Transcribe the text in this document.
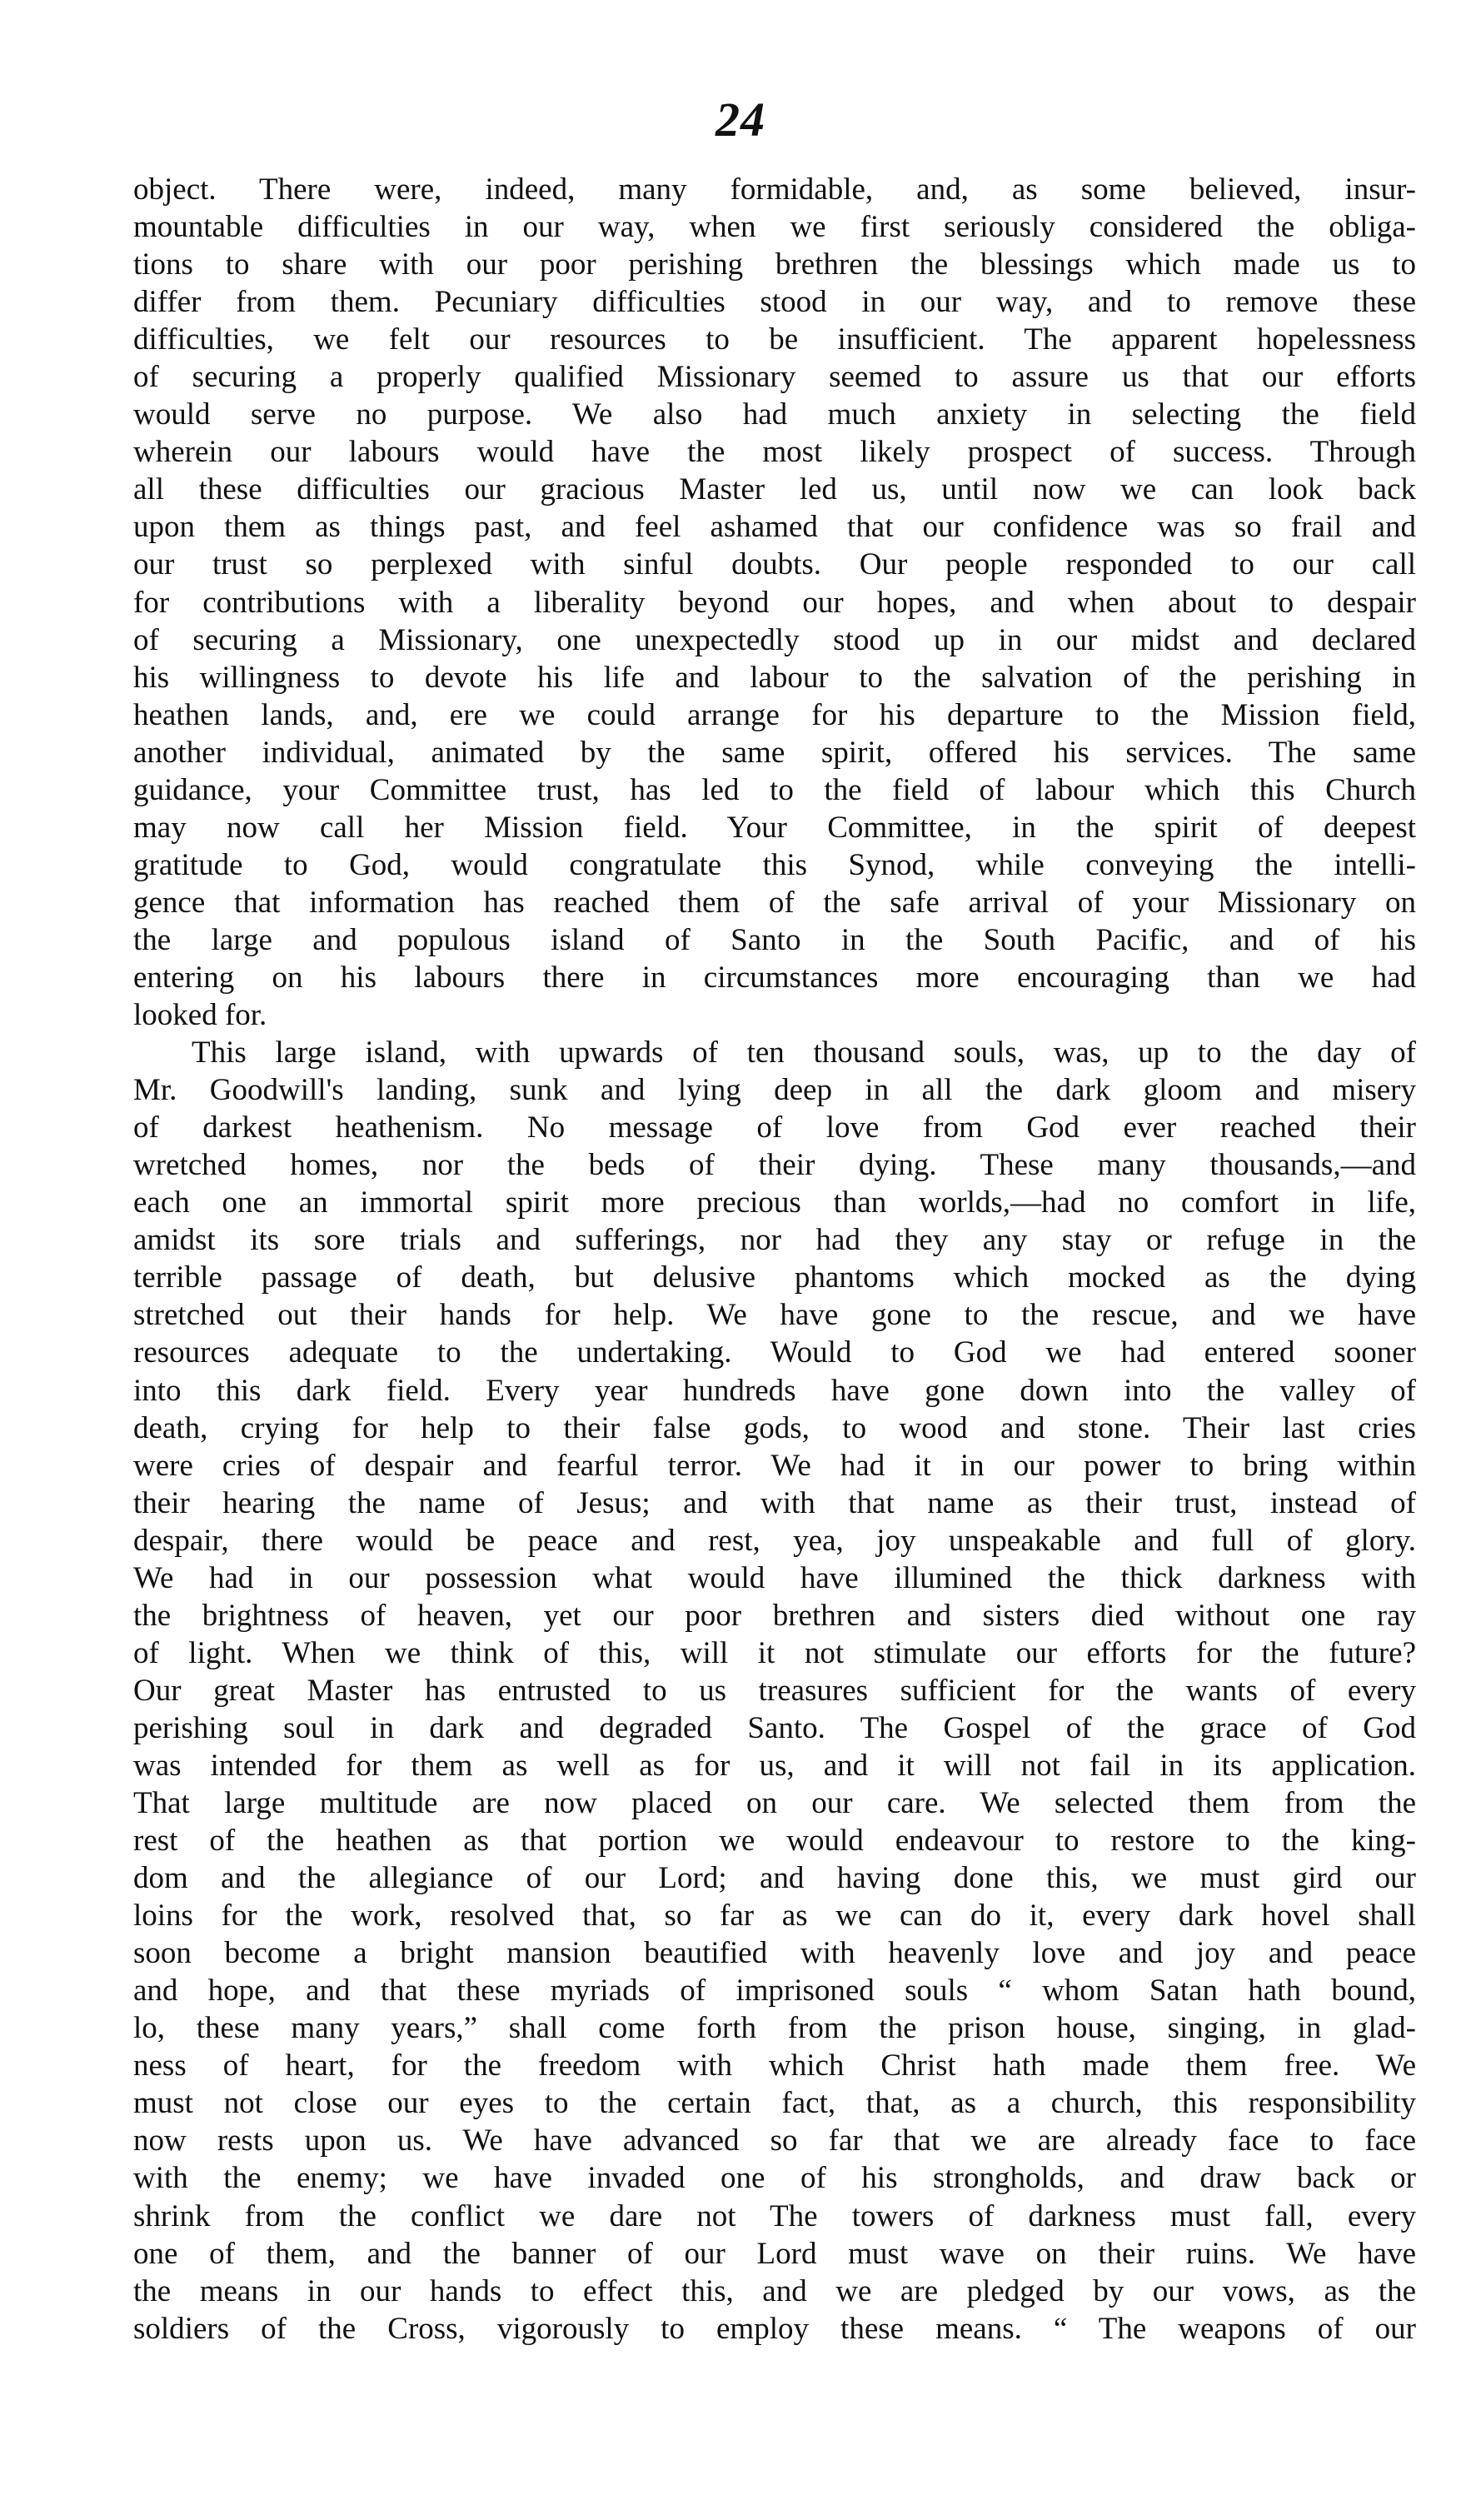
24
object. There were, indeed, many formidable, and, as some believed, insur-
mountable difficulties in our way, when we first seriously considered the obliga-
tions to share with our poor perishing brethren the blessings which made us to
differ from them. Pecuniary difficulties stood in our way, and to remove these
difficulties, we felt our resources to be insufficient. The apparent hopelessness
of securing a properly qualified Missionary seemed to assure us that our efforts
would serve no purpose. We also had much anxiety in selecting the field
wherein our labours would have the most likely prospect of success. Through
all these difficulties our gracious Master led us, until now we can look back
upon them as things past, and feel ashamed that our confidence was so frail and
our trust so perplexed with sinful doubts. Our people responded to our call
for contributions with a liberality beyond our hopes, and when about to despair
of securing a Missionary, one unexpectedly stood up in our midst and declared
his willingness to devote his life and labour to the salvation of the perishing in
heathen lands, and, ere we could arrange for his departure to the Mission field,
another individual, animated by the same spirit, offered his services. The same
guidance, your Committee trust, has led to the field of labour which this Church
may now call her Mission field. Your Committee, in the spirit of deepest
gratitude to God, would congratulate this Synod, while conveying the intelli-
gence that information has reached them of the safe arrival of your Missionary on
the large and populous island of Santo in the South Pacific, and of his
entering on his labours there in circumstances more encouraging than we had
looked for.
This large island, with upwards of ten thousand souls, was, up to the day of
Mr. Goodwill's landing, sunk and lying deep in all the dark gloom and misery
of darkest heathenism. No message of love from God ever reached their
wretched homes, nor the beds of their dying. These many thousands,—and
each one an immortal spirit more precious than worlds,—had no comfort in life,
amidst its sore trials and sufferings, nor had they any stay or refuge in the
terrible passage of death, but delusive phantoms which mocked as the dying
stretched out their hands for help. We have gone to the rescue, and we have
resources adequate to the undertaking. Would to God we had entered sooner
into this dark field. Every year hundreds have gone down into the valley of
death, crying for help to their false gods, to wood and stone. Their last cries
were cries of despair and fearful terror. We had it in our power to bring within
their hearing the name of Jesus; and with that name as their trust, instead of
despair, there would be peace and rest, yea, joy unspeakable and full of glory.
We had in our possession what would have illumined the thick darkness with
the brightness of heaven, yet our poor brethren and sisters died without one ray
of light. When we think of this, will it not stimulate our efforts for the future?
Our great Master has entrusted to us treasures sufficient for the wants of every
perishing soul in dark and degraded Santo. The Gospel of the grace of God
was intended for them as well as for us, and it will not fail in its application.
That large multitude are now placed on our care. We selected them from the
rest of the heathen as that portion we would endeavour to restore to the king-
dom and the allegiance of our Lord; and having done this, we must gird our
loins for the work, resolved that, so far as we can do it, every dark hovel shall
soon become a bright mansion beautified with heavenly love and joy and peace
and hope, and that these myriads of imprisoned souls “ whom Satan hath bound,
lo, these many years,” shall come forth from the prison house, singing, in glad-
ness of heart, for the freedom with which Christ hath made them free. We
must not close our eyes to the certain fact, that, as a church, this responsibility
now rests upon us. We have advanced so far that we are already face to face
with the enemy; we have invaded one of his strongholds, and draw back or
shrink from the conflict we dare not The towers of darkness must fall, every
one of them, and the banner of our Lord must wave on their ruins. We have
the means in our hands to effect this, and we are pledged by our vows, as the
soldiers of the Cross, vigorously to employ these means. “ The weapons of our
